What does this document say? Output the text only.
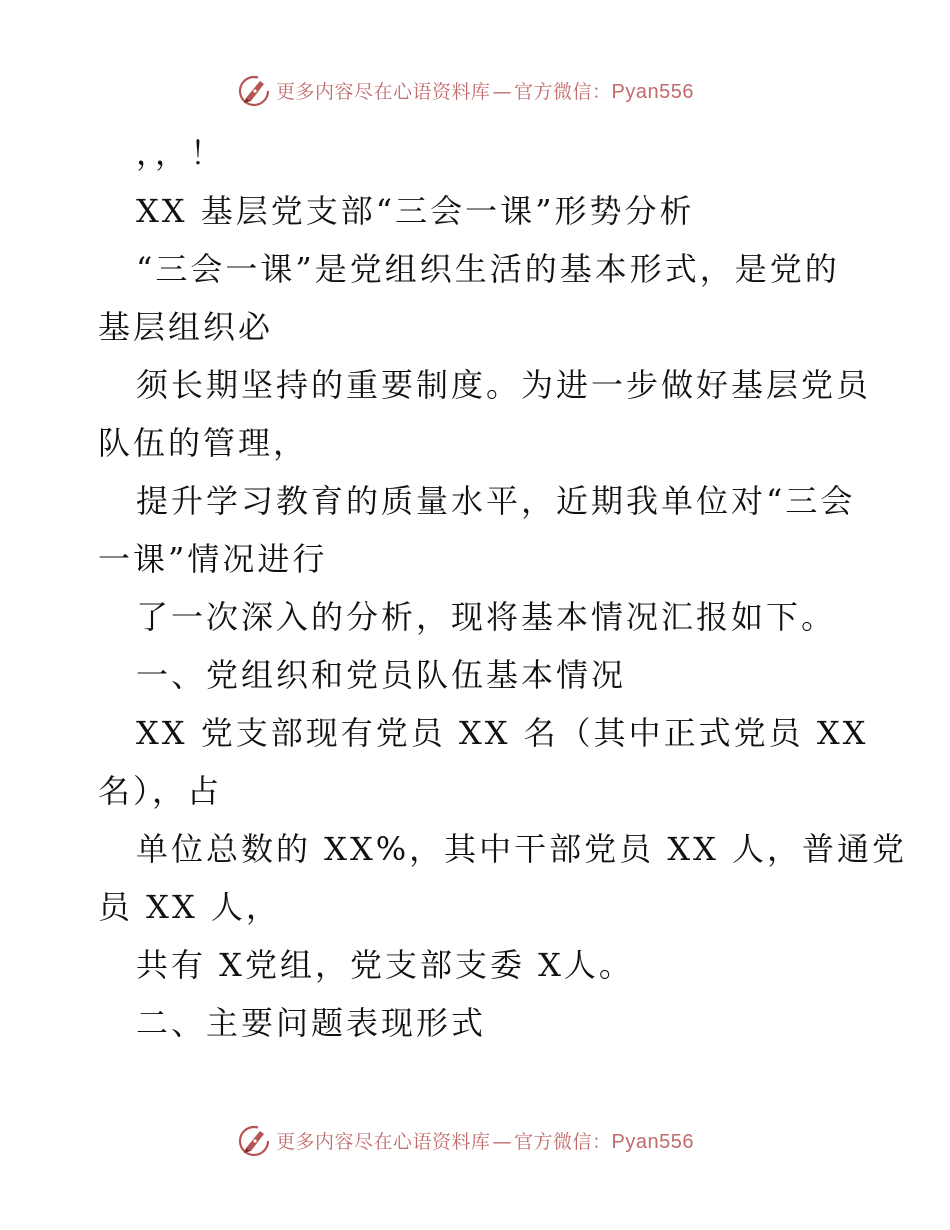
更多内容尽在心语资料库 — 官方微信：Pyan556
，，！
XX 基层党支部“三会一课”形势分析
“三会一课”是党组织生活的基本形式，是党的
基层组织必
须长期坚持的重要制度。为进一步做好基层党员
队伍的管理，
提升学习教育的质量水平，近期我单位对“三会
一课”情况进行
了一次深入的分析，现将基本情况汇报如下。
一、党组织和党员队伍基本情况
XX 党支部现有党员 XX 名（其中正式党员 XX
名），占
单位总数的 XX%，其中干部党员 XX 人，普通党
员 XX 人，
共有 X党组，党支部支委 X人。
二、主要问题表现形式
更多内容尽在心语资料库 — 官方微信：Pyan556
